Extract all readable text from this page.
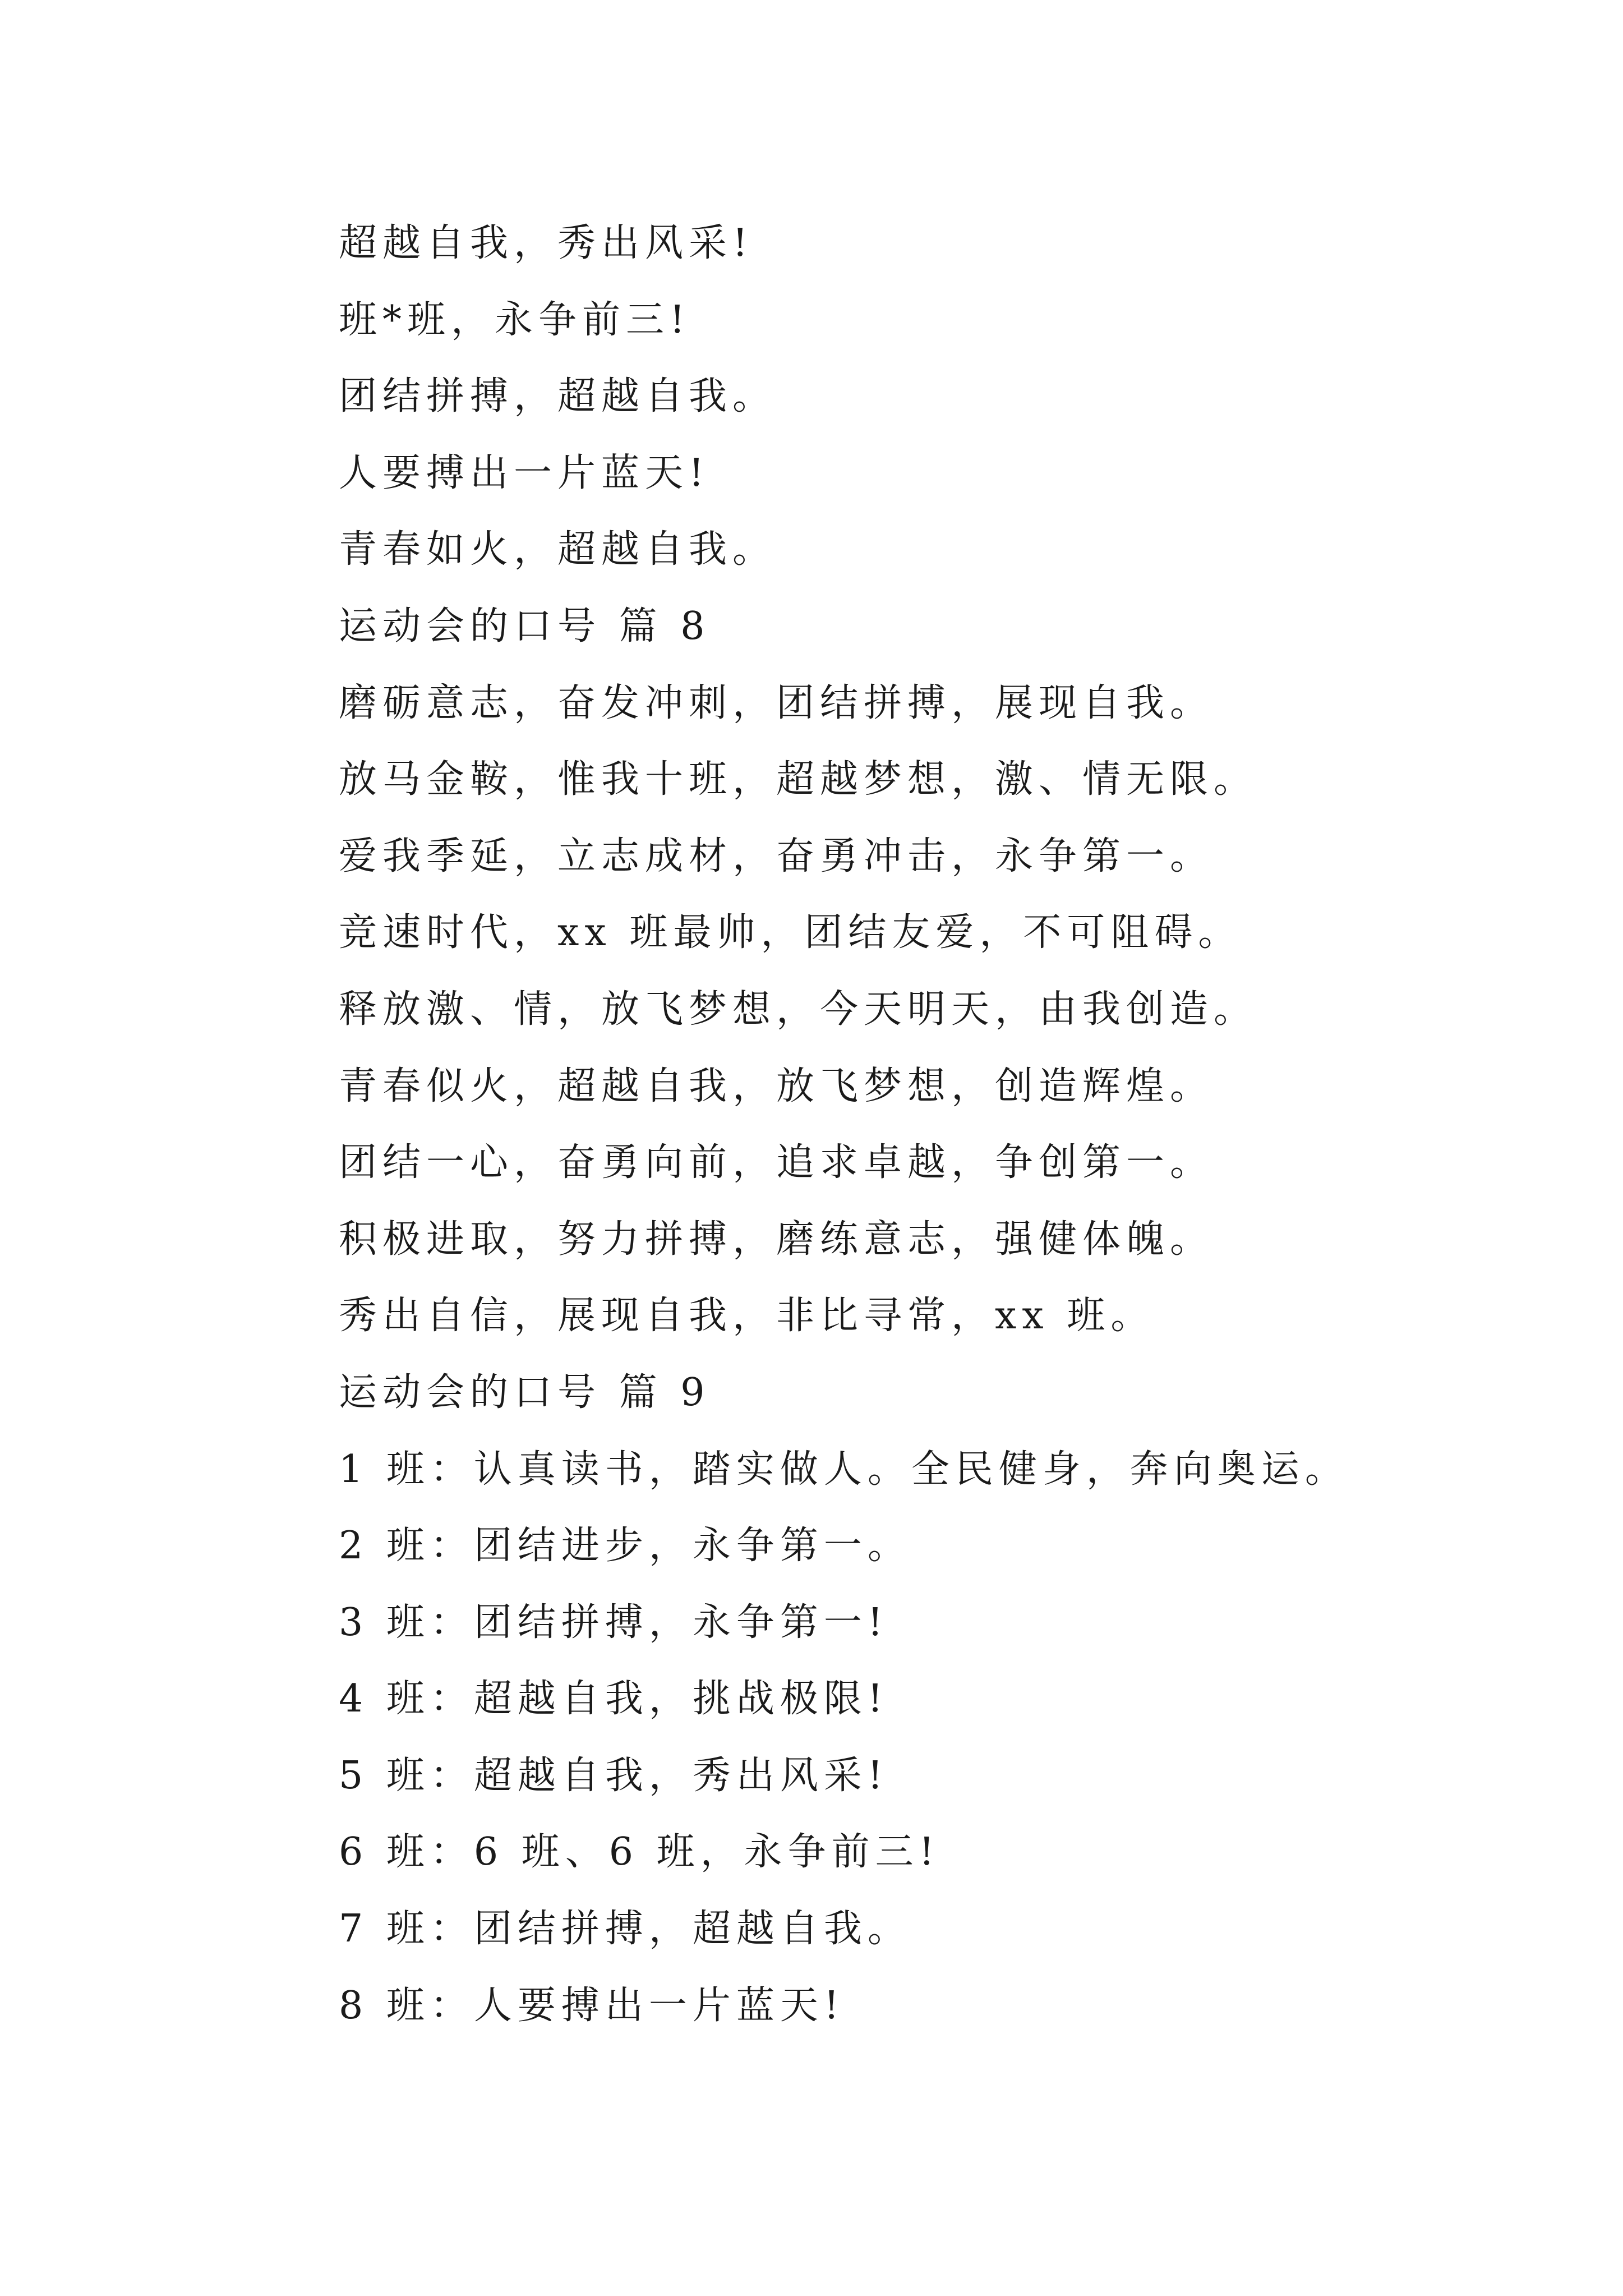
超越自我，秀出风采!
班*班，永争前三!
团结拼搏，超越自我。
人要搏出一片蓝天!
青春如火，超越自我。
运动会的口号 篇 8
磨砺意志，奋发冲刺，团结拼搏，展现自我。
放马金鞍，惟我十班，超越梦想，激、情无限。
爱我季延，立志成材，奋勇冲击，永争第一。
竞速时代，xx 班最帅，团结友爱，不可阻碍。
释放激、情，放飞梦想，今天明天，由我创造。
青春似火，超越自我，放飞梦想，创造辉煌。
团结一心，奋勇向前，追求卓越，争创第一。
积极进取，努力拼搏，磨练意志，强健体魄。
秀出自信，展现自我，非比寻常，xx 班。
运动会的口号 篇 9
1 班：认真读书，踏实做人。全民健身，奔向奥运。
2 班：团结进步，永争第一。
3 班：团结拼搏，永争第一!
4 班：超越自我，挑战极限!
5 班：超越自我，秀出风采!
6 班：6 班、6 班，永争前三!
7 班：团结拼搏，超越自我。
8 班：人要搏出一片蓝天!
